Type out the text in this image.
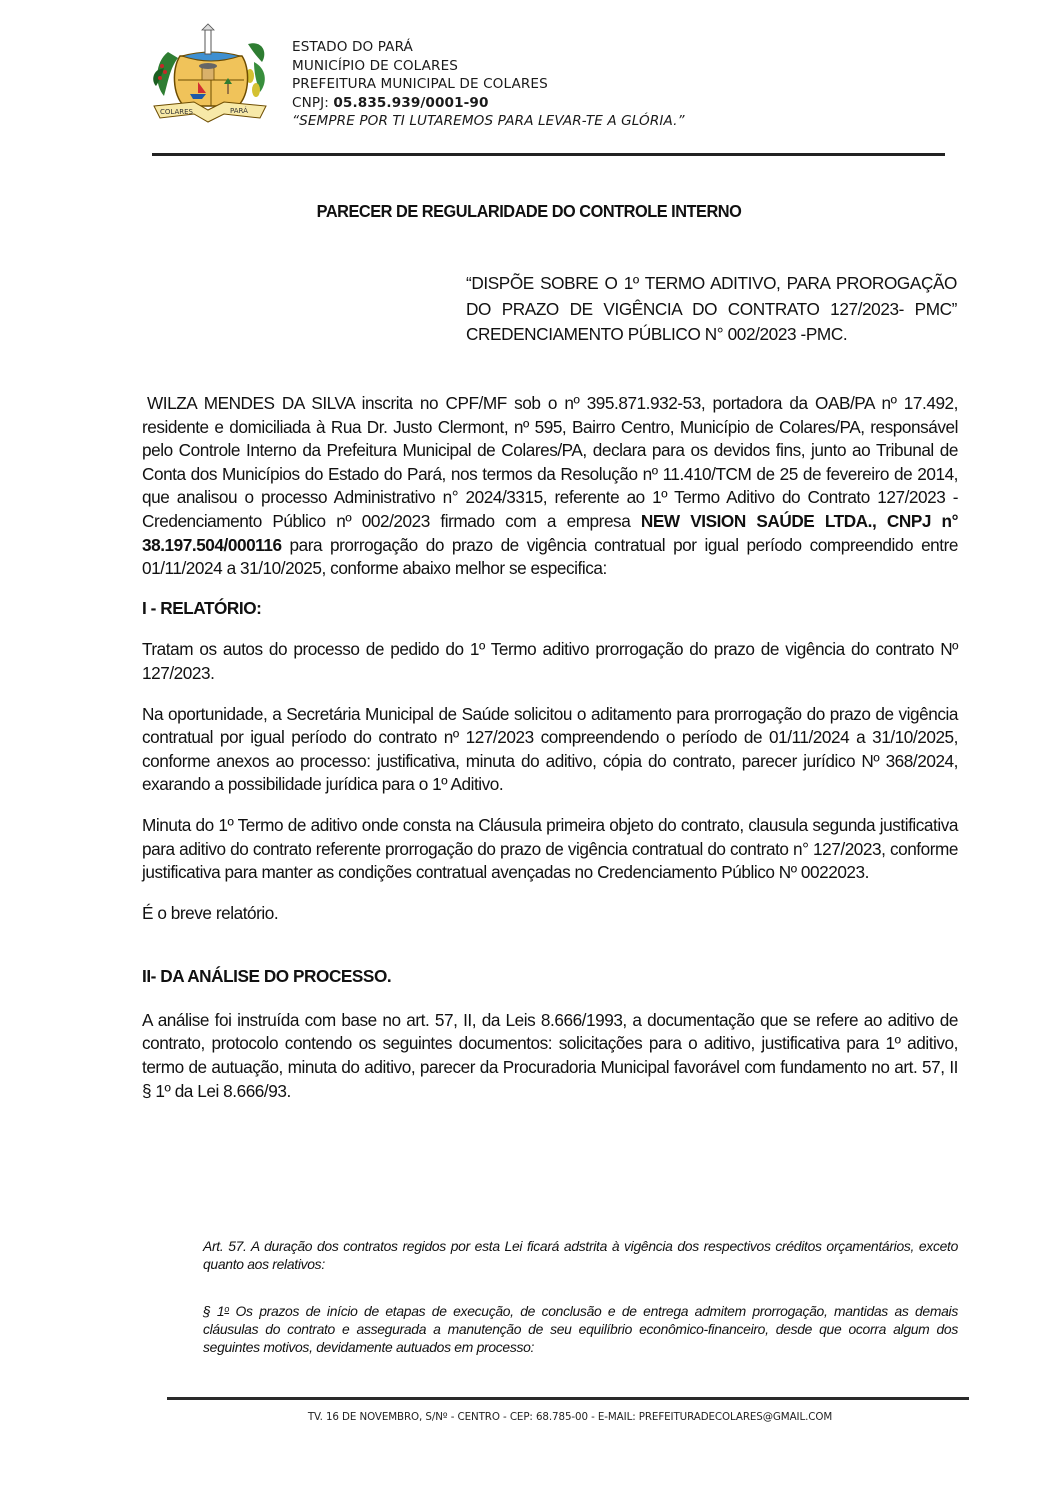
COLARES	PARÁ
ESTADO DO PARÁ
MUNICÍPIO DE COLARES
PREFEITURA MUNICIPAL DE COLARES
CNPJ: 05.835.939/0001-90
“SEMPRE POR TI LUTAREMOS PARA LEVAR-TE A GLÓRIA.”
PARECER DE REGULARIDADE DO CONTROLE INTERNO
“DISPÕE SOBRE O 1º TERMO ADITIVO, PARA PROROGAÇÃO DO PRAZO DE VIGÊNCIA DO CONTRATO 127/2023- PMC” CREDENCIAMENTO PÚBLICO N° 002/2023 -PMC.

WILZA MENDES DA SILVA inscrita no CPF/MF sob o nº 395.871.932-53, portadora da OAB/PA nº 17.492, residente e domiciliada à Rua Dr. Justo Clermont, nº 595, Bairro Centro, Município de Colares/PA, responsável pelo Controle Interno da Prefeitura Municipal de Colares/PA, declara para os devidos fins, junto ao Tribunal de Conta dos Municípios do Estado do Pará, nos termos da Resolução nº 11.410/TCM de 25 de fevereiro de 2014, que analisou o processo Administrativo n° 2024/3315, referente ao 1º Termo Aditivo do Contrato 127/2023 - Credenciamento Público nº 002/2023 firmado com a empresa NEW VISION SAÚDE LTDA., CNPJ n° 38.197.504/000116 para prorrogação do prazo de vigência contratual por igual período compreendido entre 01/11/2024 a 31/10/2025, conforme abaixo melhor se especifica:

I - RELATÓRIO:

Tratam os autos do processo de pedido do 1º Termo aditivo prorrogação do prazo de vigência do contrato Nº 127/2023.

Na oportunidade, a Secretária Municipal de Saúde solicitou o aditamento para prorrogação do prazo de vigência contratual por igual período do contrato nº 127/2023 compreendendo o período de 01/11/2024 a 31/10/2025, conforme anexos ao processo: justificativa, minuta do aditivo, cópia do contrato, parecer jurídico Nº 368/2024, exarando a possibilidade jurídica para o 1º Aditivo.

Minuta do 1º Termo de aditivo onde consta na Cláusula primeira objeto do contrato, clausula segunda justificativa para aditivo do contrato referente prorrogação do prazo de vigência contratual do contrato n° 127/2023, conforme justificativa para manter as condições contratual avençadas no Credenciamento Público Nº 0022023.

É o breve relatório.

II- DA ANÁLISE DO PROCESSO.

A análise foi instruída com base no art. 57, II, da Leis 8.666/1993, a documentação que se refere ao aditivo de contrato, protocolo contendo os seguintes documentos: solicitações para o aditivo, justificativa para 1º aditivo, termo de autuação, minuta do aditivo, parecer da Procuradoria Municipal favorável com fundamento no art. 57, II § 1º da Lei 8.666/93.

Art. 57. A duração dos contratos regidos por esta Lei ficará adstrita à vigência dos respectivos créditos orçamentários, exceto quanto aos relativos:

§ 1$^o$ Os prazos de início de etapas de execução, de conclusão e de entrega admitem prorrogação, mantidas as demais cláusulas do contrato e assegurada a manutenção de seu equilíbrio econômico-financeiro, desde que ocorra algum dos seguintes motivos, devidamente autuados em processo:

TV. 16 DE NOVEMBRO, S/Nº - CENTRO - CEP: 68.785-00 - E-MAIL: PREFEITURADECOLARES@GMAIL.COM
